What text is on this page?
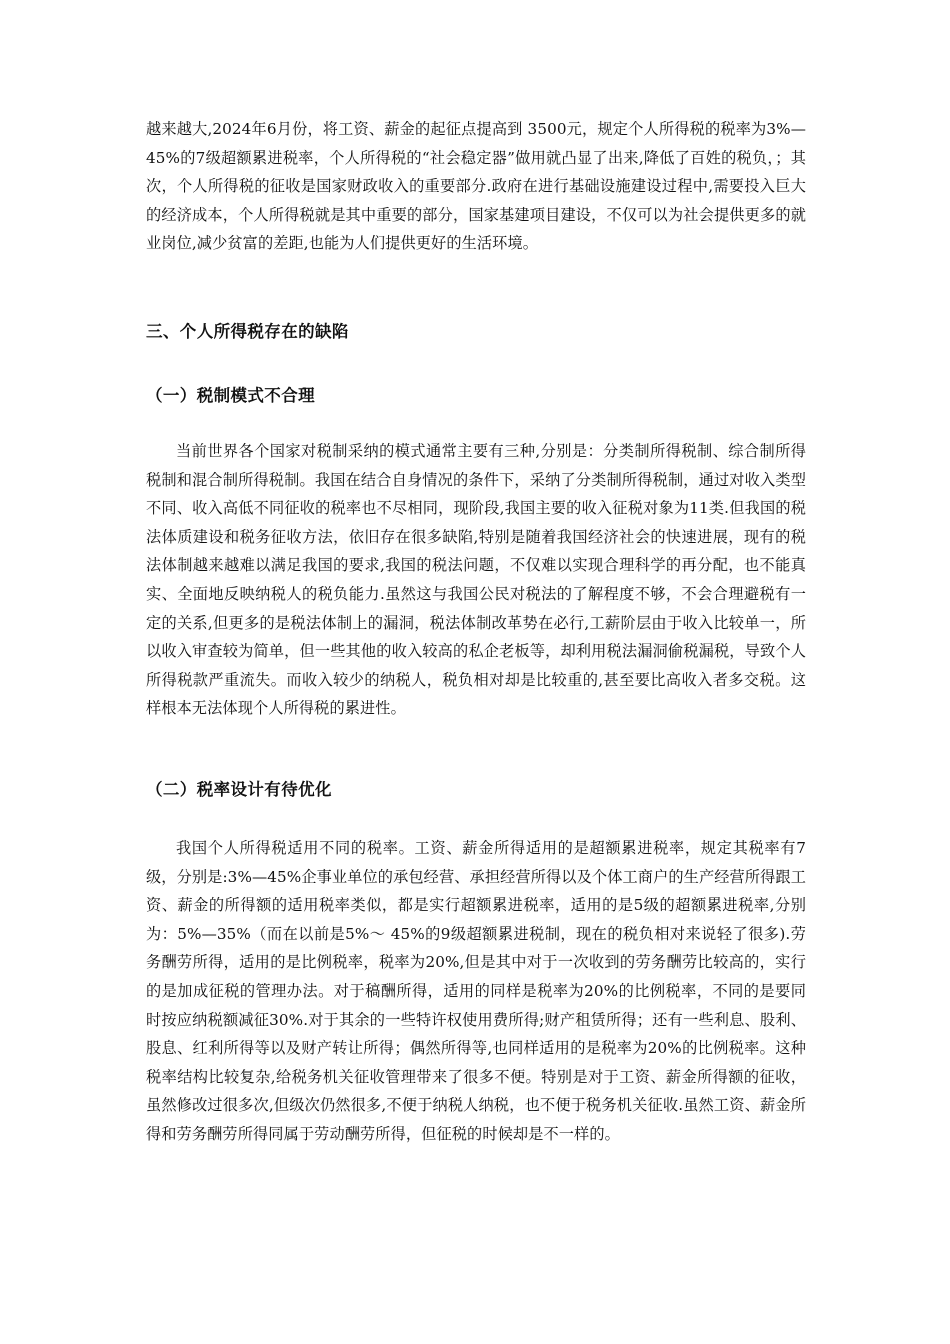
越来越大,2024年6月份，将工资、薪金的起征点提高到 3500元，规定个人所得税的税率为3%—45%的7级超额累进税率，个人所得税的“社会稳定器”做用就凸显了出来,降低了百姓的税负，；其次，个人所得税的征收是国家财政收入的重要部分.政府在进行基础设施建设过程中,需要投入巨大的经济成本，个人所得税就是其中重要的部分，国家基建项目建设，不仅可以为社会提供更多的就业岗位,减少贫富的差距,也能为人们提供更好的生活环境。

三、个人所得税存在的缺陷
（一）税制模式不合理

当前世界各个国家对税制采纳的模式通常主要有三种,分别是：分类制所得税制、综合制所得税制和混合制所得税制。我国在结合自身情况的条件下，采纳了分类制所得税制，通过对收入类型不同、收入高低不同征收的税率也不尽相同，现阶段,我国主要的收入征税对象为11类.但我国的税法体质建设和税务征收方法，依旧存在很多缺陷,特别是随着我国经济社会的快速进展，现有的税法体制越来越难以满足我国的要求,我国的税法问题，不仅难以实现合理科学的再分配，也不能真实、全面地反映纳税人的税负能力.虽然这与我国公民对税法的了解程度不够，不会合理避税有一定的关系,但更多的是税法体制上的漏洞，税法体制改革势在必行,工薪阶层由于收入比较单一，所以收入审查较为简单，但一些其他的收入较高的私企老板等，却利用税法漏洞偷税漏税，导致个人所得税款严重流失。而收入较少的纳税人，税负相对却是比较重的,甚至要比高收入者多交税。这样根本无法体现个人所得税的累进性。

（二）税率设计有待优化

我国个人所得税适用不同的税率。工资、薪金所得适用的是超额累进税率，规定其税率有7级，分别是:3%—45%企事业单位的承包经营、承担经营所得以及个体工商户的生产经营所得跟工资、薪金的所得额的适用税率类似，都是实行超额累进税率，适用的是5级的超额累进税率,分别为：5%—35%（而在以前是5%～ 45%的9级超额累进税制，现在的税负相对来说轻了很多).劳务酬劳所得，适用的是比例税率，税率为20%,但是其中对于一次收到的劳务酬劳比较高的，实行的是加成征税的管理办法。对于稿酬所得，适用的同样是税率为20%的比例税率，不同的是要同时按应纳税额减征30%.对于其余的一些特许权使用费所得;财产租赁所得；还有一些利息、股利、股息、红利所得等以及财产转让所得；偶然所得等,也同样适用的是税率为20%的比例税率。这种税率结构比较复杂,给税务机关征收管理带来了很多不便。特别是对于工资、薪金所得额的征收，虽然修改过很多次,但级次仍然很多,不便于纳税人纳税，也不便于税务机关征收.虽然工资、薪金所得和劳务酬劳所得同属于劳动酬劳所得，但征税的时候却是不一样的。
